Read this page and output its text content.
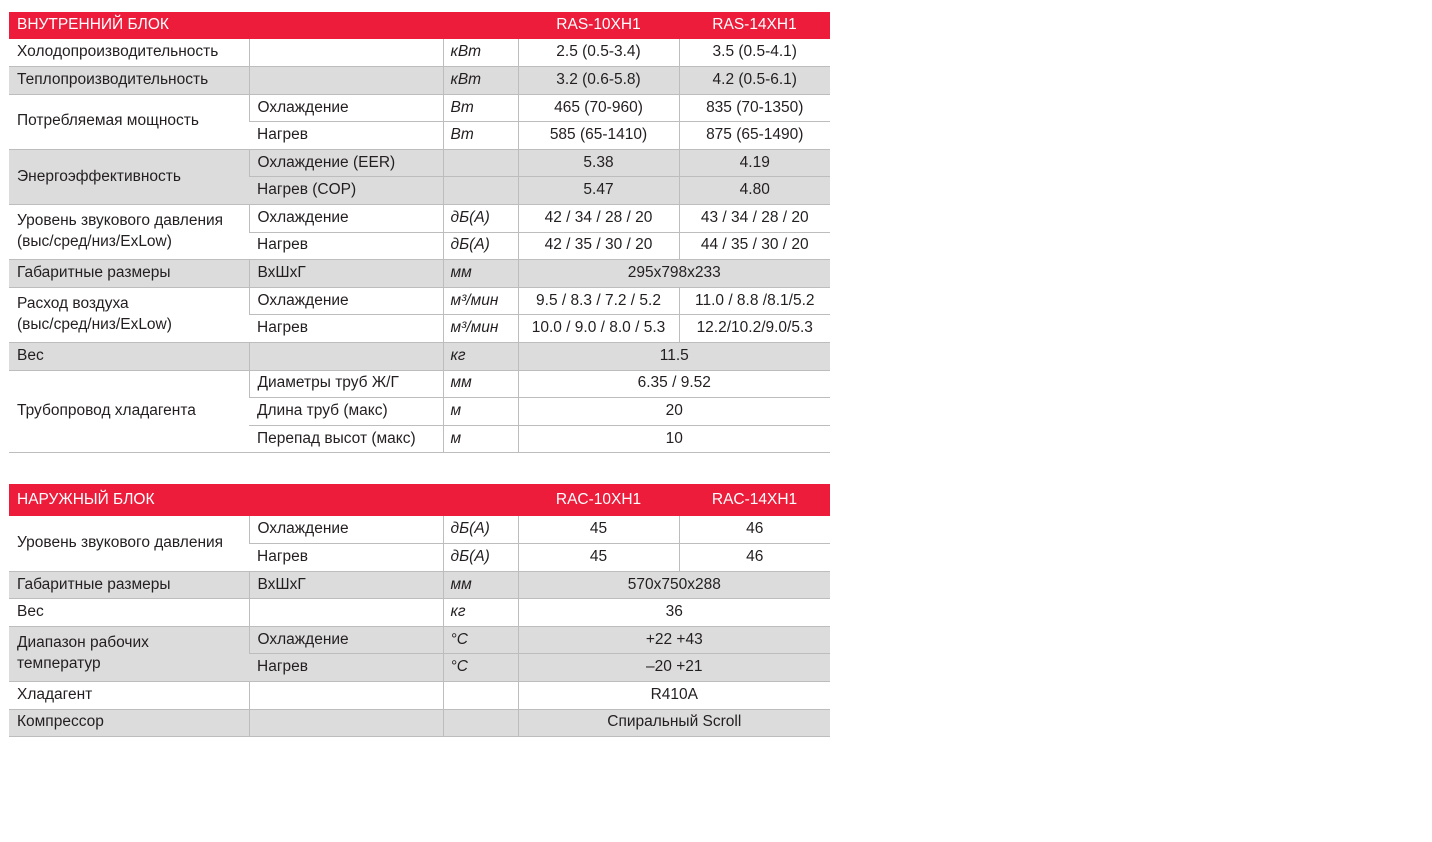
ВНУТРЕННИЙ БЛОК			RAS-10XH1	RAS-14XH1
Холодопроизводительность		кВт	2.5 (0.5-3.4)	3.5 (0.5-4.1)
Теплопроизводительность		кВт	3.2 (0.6-5.8)	4.2 (0.5-6.1)
Потребляемая мощность	Охлаждение	Вт	465 (70-960)	835 (70-1350)
	Нагрев	Вт	585 (65-1410)	875 (65-1490)
Энергоэффективность	Охлаждение (EER)		5.38	4.19
	Нагрев (COP)		5.47	4.80
Уровень звукового давления
(выс/сред/низ/ExLow)	Охлаждение	дБ(А)	42 / 34 / 28 / 20	43 / 34 / 28 / 20
	Нагрев	дБ(А)	42 / 35 / 30 / 20	44 / 35 / 30 / 20
Габаритные размеры	ВхШхГ	мм	295x798x233	
Расход воздуха
(выс/сред/низ/ExLow)	Охлаждение	м³/мин	9.5 / 8.3 / 7.2 / 5.2	11.0 / 8.8 /8.1/5.2
	Нагрев	м³/мин	10.0 / 9.0 / 8.0 / 5.3	12.2/10.2/9.0/5.3
Вес		кг	11.5	
Трубопровод хладагента	Диаметры труб Ж/Г	мм	6.35 / 9.52	
	Длина труб (макс)	м	20	
	Перепад высот (макс)	м	10	
НАРУЖНЫЙ БЛОК			RAC-10XH1	RAC-14XH1
Уровень звукового давления	Охлаждение	дБ(А)	45	46
	Нагрев	дБ(А)	45	46
Габаритные размеры	ВхШхГ	мм	570x750x288	
Вес		кг	36	
Диапазон рабочих
температур	Охлаждение	°C	+22 +43	
	Нагрев	°C	–20 +21	
Хладагент			R410A	
Компрессор			Спиральный Scroll	
